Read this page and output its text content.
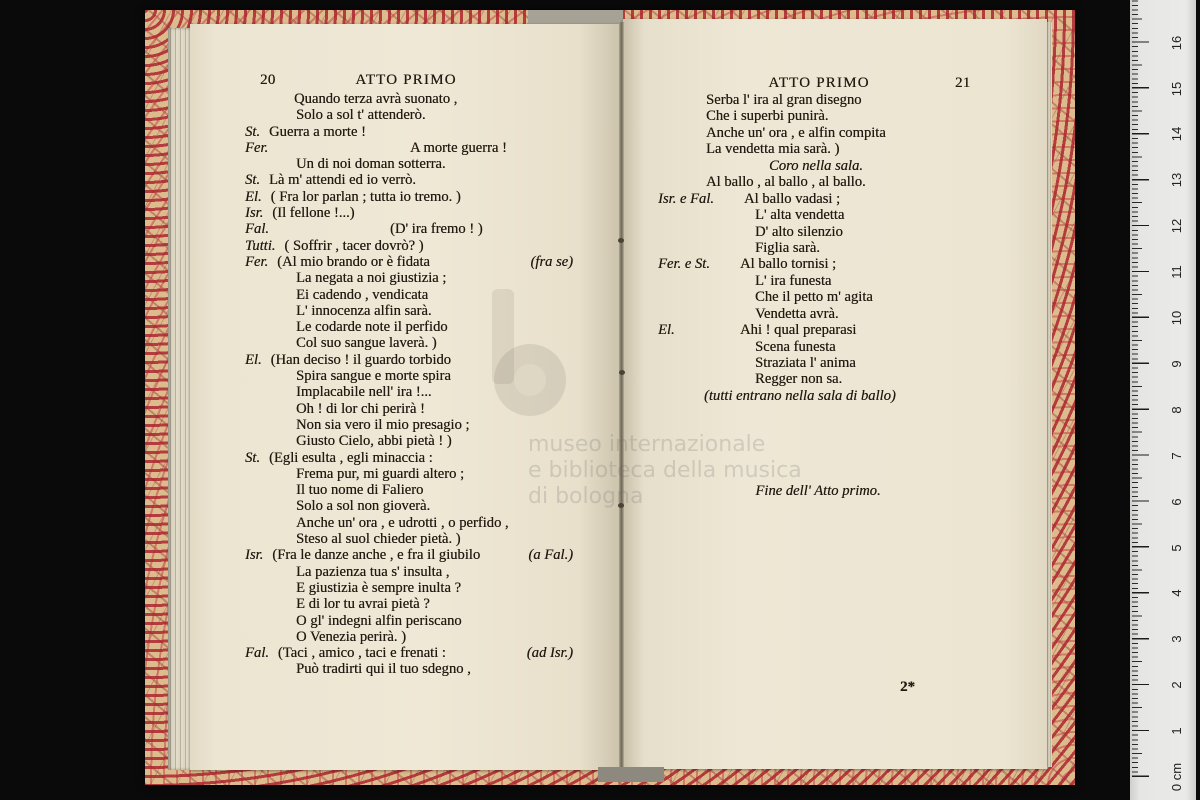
20	ATTO PRIMO
Quando terza avrà suonato ,
Solo a sol t' attenderò.
St. Guerra a morte !
Fer.	A morte guerra !
Un di noi doman sotterra.
St. Là m' attendi ed io verrò.
El. ( Fra lor parlan ; tutta io tremo. )
Isr. (Il fellone !...)
Fal.	(D' ira fremo ! )
Tutti. ( Soffrir , tacer dovrò? )
Fer. (Al mio brando or è fidata	(fra se)
La negata a noi giustizia ;
Ei cadendo , vendicata
L' innocenza alfin sarà.
Le codarde note il perfido
Col suo sangue laverà. )
El. (Han deciso ! il guardo torbido
Spira sangue e morte spira
Implacabile nell' ira !...
Oh ! di lor chi perirà !
Non sia vero il mio presagio ;
Giusto Cielo, abbi pietà ! )
St. (Egli esulta , egli minaccia :
Frema pur, mi guardi altero ;
Il tuo nome di Faliero
Solo a sol non gioverà.
Anche un' ora , e udrotti , o perfido ,
Steso al suol chieder pietà. )
Isr. (Fra le danze anche , e fra il giubilo	(a Fal.)
La pazienza tua s' insulta ,
E giustizia è sempre inulta ?
E di lor tu avrai pietà ?
O gl' indegni alfin periscano
O Venezia perirà. )
Fal. (Taci , amico , taci e frenati :	(ad Isr.)
Può tradirti qui il tuo sdegno ,
ATTO PRIMO	21
Serba l' ira al gran disegno
Che i superbi punirà.
Anche un' ora , e alfin compita
La vendetta mia sarà. )
Coro nella sala.
Al ballo , al ballo , al ballo.
Isr. e Fal. Al ballo vadasi ;
L' alta vendetta
D' alto silenzio
Figlia sarà.
Fer. e St. Al ballo tornisi ;
L' ira funesta
Che il petto m' agita
Vendetta avrà.
El.	Ahi ! qual preparasi
Scena funesta
Straziata l' anima
Regger non sa.
(tutti entrano nella sala di ballo)
Fine dell' Atto primo.
2*
museo internazionale
e biblioteca della musica
di bologna
16
15
14
13
12
11
10
9
8
7
6
5
4
3
2
1
0 cm
